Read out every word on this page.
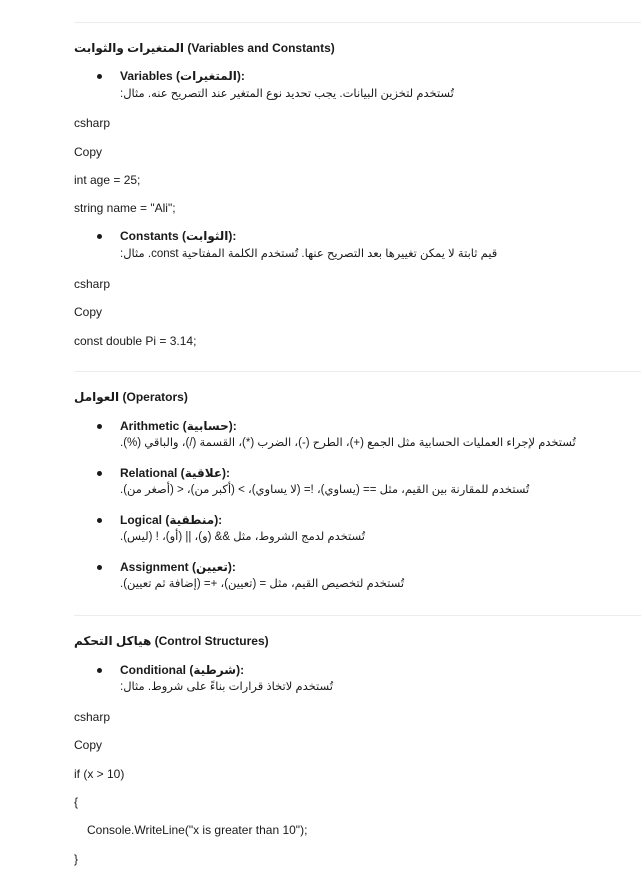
المتغيرات والثوابت (Variables and Constants)
Variables (المتغيرات):
تُستخدم لتخزين البيانات. يجب تحديد نوع المتغير عند التصريح عنه. مثال:
csharp
Copy
int age = 25;
string name = "Ali";
Constants (الثوابت):
قيم ثابتة لا يمكن تغييرها بعد التصريح عنها. تُستخدم الكلمة المفتاحية const. مثال:
csharp
Copy
const double Pi = 3.14;
العوامل (Operators)
Arithmetic (حسابية):
تُستخدم لإجراء العمليات الحسابية مثل الجمع (+)، الطرح (-)، الضرب (*)، القسمة (/)، والباقي (%).
Relational (علاقية):
تُستخدم للمقارنة بين القيم، مثل == (يساوي)، != (لا يساوي)، > (أكبر من)، < (أصغر من).
Logical (منطقية):
تُستخدم لدمج الشروط، مثل && (و)، || (أو)، ! (ليس).
Assignment (تعيين):
تُستخدم لتخصيص القيم، مثل = (تعيين)، += (إضافة ثم تعيين).
هياكل التحكم (Control Structures)
Conditional (شرطية):
تُستخدم لاتخاذ قرارات بناءً على شروط. مثال:
csharp
Copy
if (x > 10)
{
Console.WriteLine("x is greater than 10");
}
